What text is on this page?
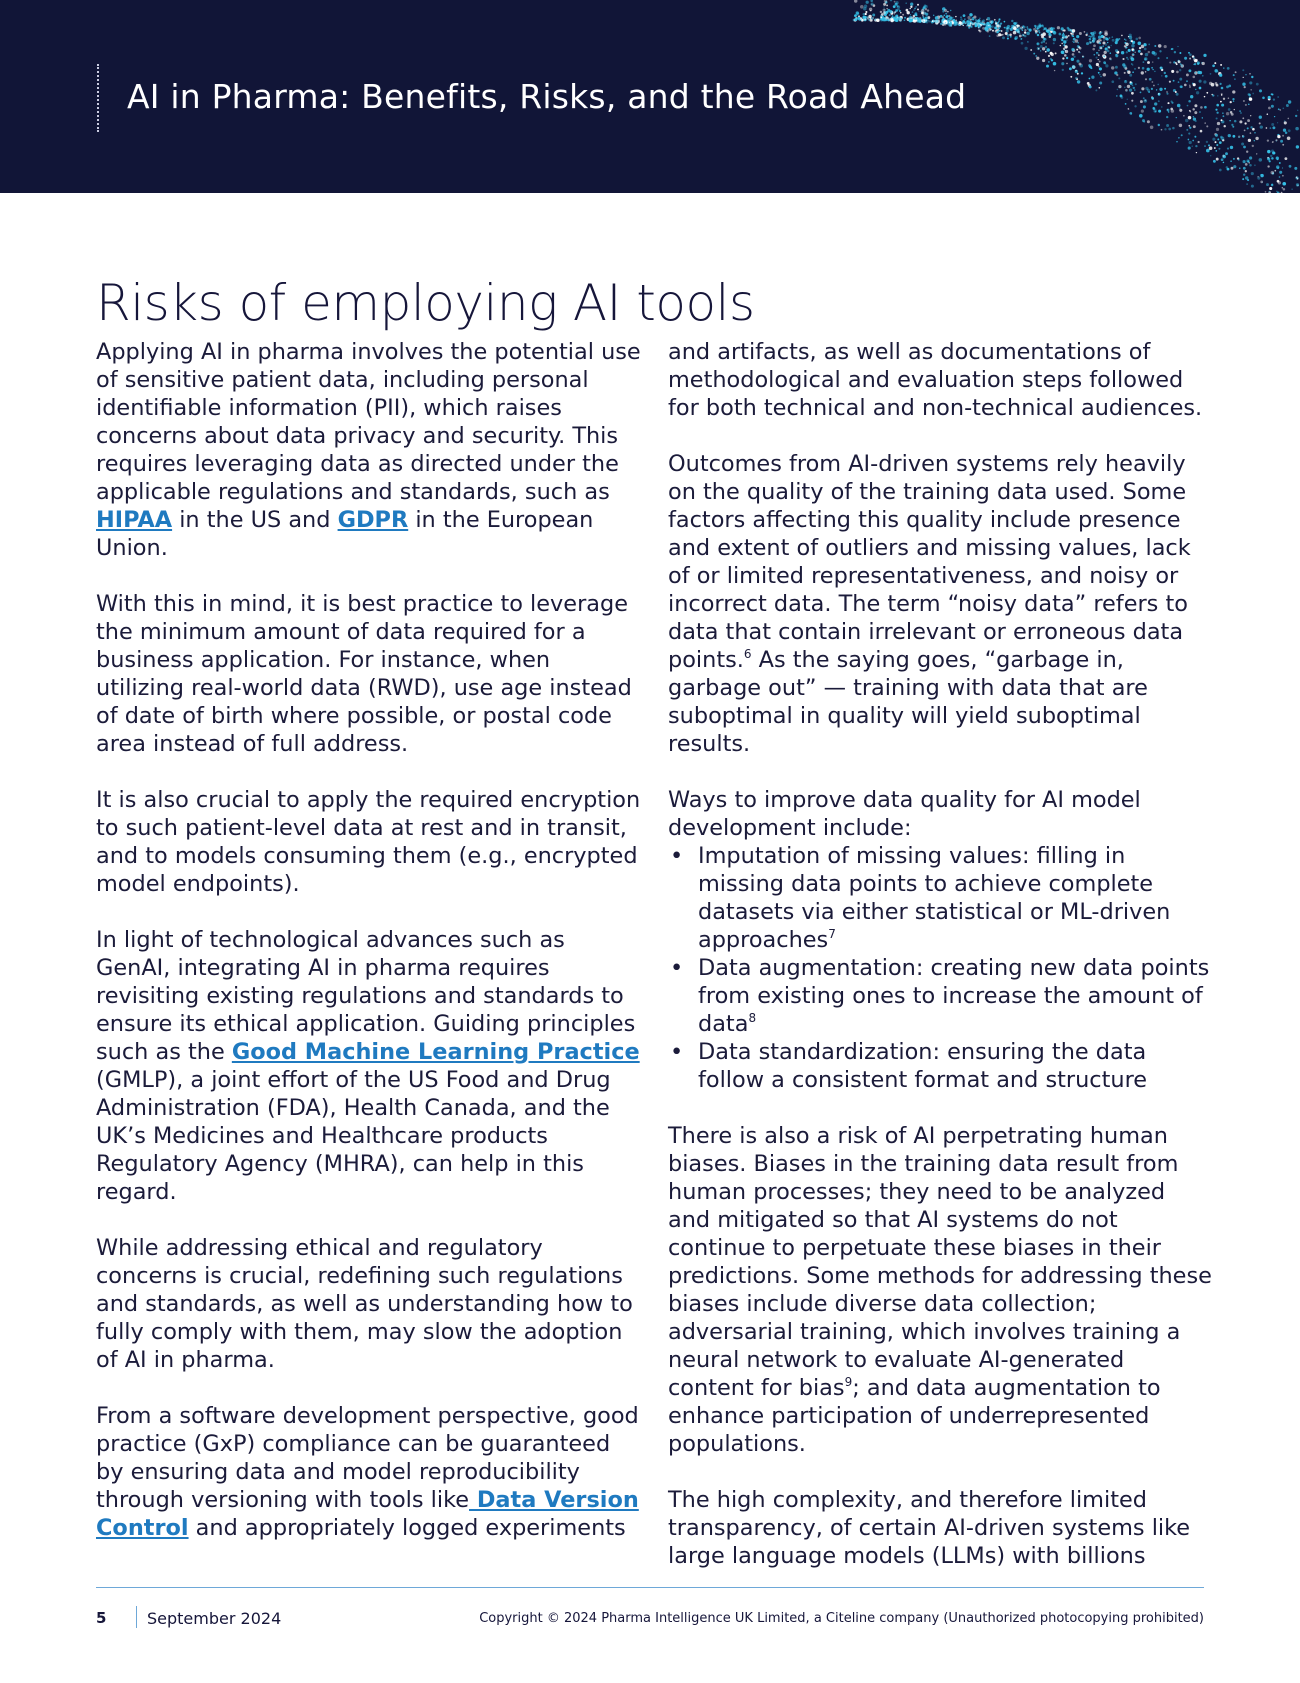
AI in Pharma: Benefits, Risks, and the Road Ahead
Risks of employing AI tools

Applying AI in pharma involves the potential use of sensitive patient data, including personal identifiable information (PII), which raises concerns about data privacy and security. This requires leveraging data as directed under the applicable regulations and standards, such as HIPAA in the US and GDPR in the European Union.

With this in mind, it is best practice to leverage the minimum amount of data required for a business application. For instance, when utilizing real-world data (RWD), use age instead of date of birth where possible, or postal code area instead of full address.

It is also crucial to apply the required encryption to such patient-level data at rest and in transit, and to models consuming them (e.g., encrypted model endpoints).

In light of technological advances such as GenAI, integrating AI in pharma requires revisiting existing regulations and standards to ensure its ethical application. Guiding principles such as the Good Machine Learning Practice (GMLP), a joint effort of the US Food and Drug Administration (FDA), Health Canada, and the UK’s Medicines and Healthcare products Regulatory Agency (MHRA), can help in this regard.

While addressing ethical and regulatory concerns is crucial, redefining such regulations and standards, as well as understanding how to fully comply with them, may slow the adoption of AI in pharma.

From a software development perspective, good practice (GxP) compliance can be guaranteed by ensuring data and model reproducibility through versioning with tools like Data Version Control and appropriately logged experiments

and artifacts, as well as documentations of methodological and evaluation steps followed for both technical and non-technical audiences.

Outcomes from AI-driven systems rely heavily on the quality of the training data used. Some factors affecting this quality include presence and extent of outliers and missing values, lack of or limited representativeness, and noisy or incorrect data. The term “noisy data” refers to data that contain irrelevant or erroneous data points.$^6$ As the saying goes, “garbage in, garbage out” — training with data that are suboptimal in quality will yield suboptimal results.

Ways to improve data quality for AI model development include:

• Imputation of missing values: filling in missing data points to achieve complete datasets via either statistical or ML-driven approaches$^7$
• Data augmentation: creating new data points from existing ones to increase the amount of data$^8$
• Data standardization: ensuring the data follow a consistent format and structure

There is also a risk of AI perpetrating human biases. Biases in the training data result from human processes; they need to be analyzed and mitigated so that AI systems do not continue to perpetuate these biases in their predictions. Some methods for addressing these biases include diverse data collection; adversarial training, which involves training a neural network to evaluate AI-generated content for bias$^9$; and data augmentation to enhance participation of underrepresented populations.

The high complexity, and therefore limited transparency, of certain AI-driven systems like large language models (LLMs) with billions

5	September 2024	Copyright © 2024 Pharma Intelligence UK Limited, a Citeline company (Unauthorized photocopying prohibited)
